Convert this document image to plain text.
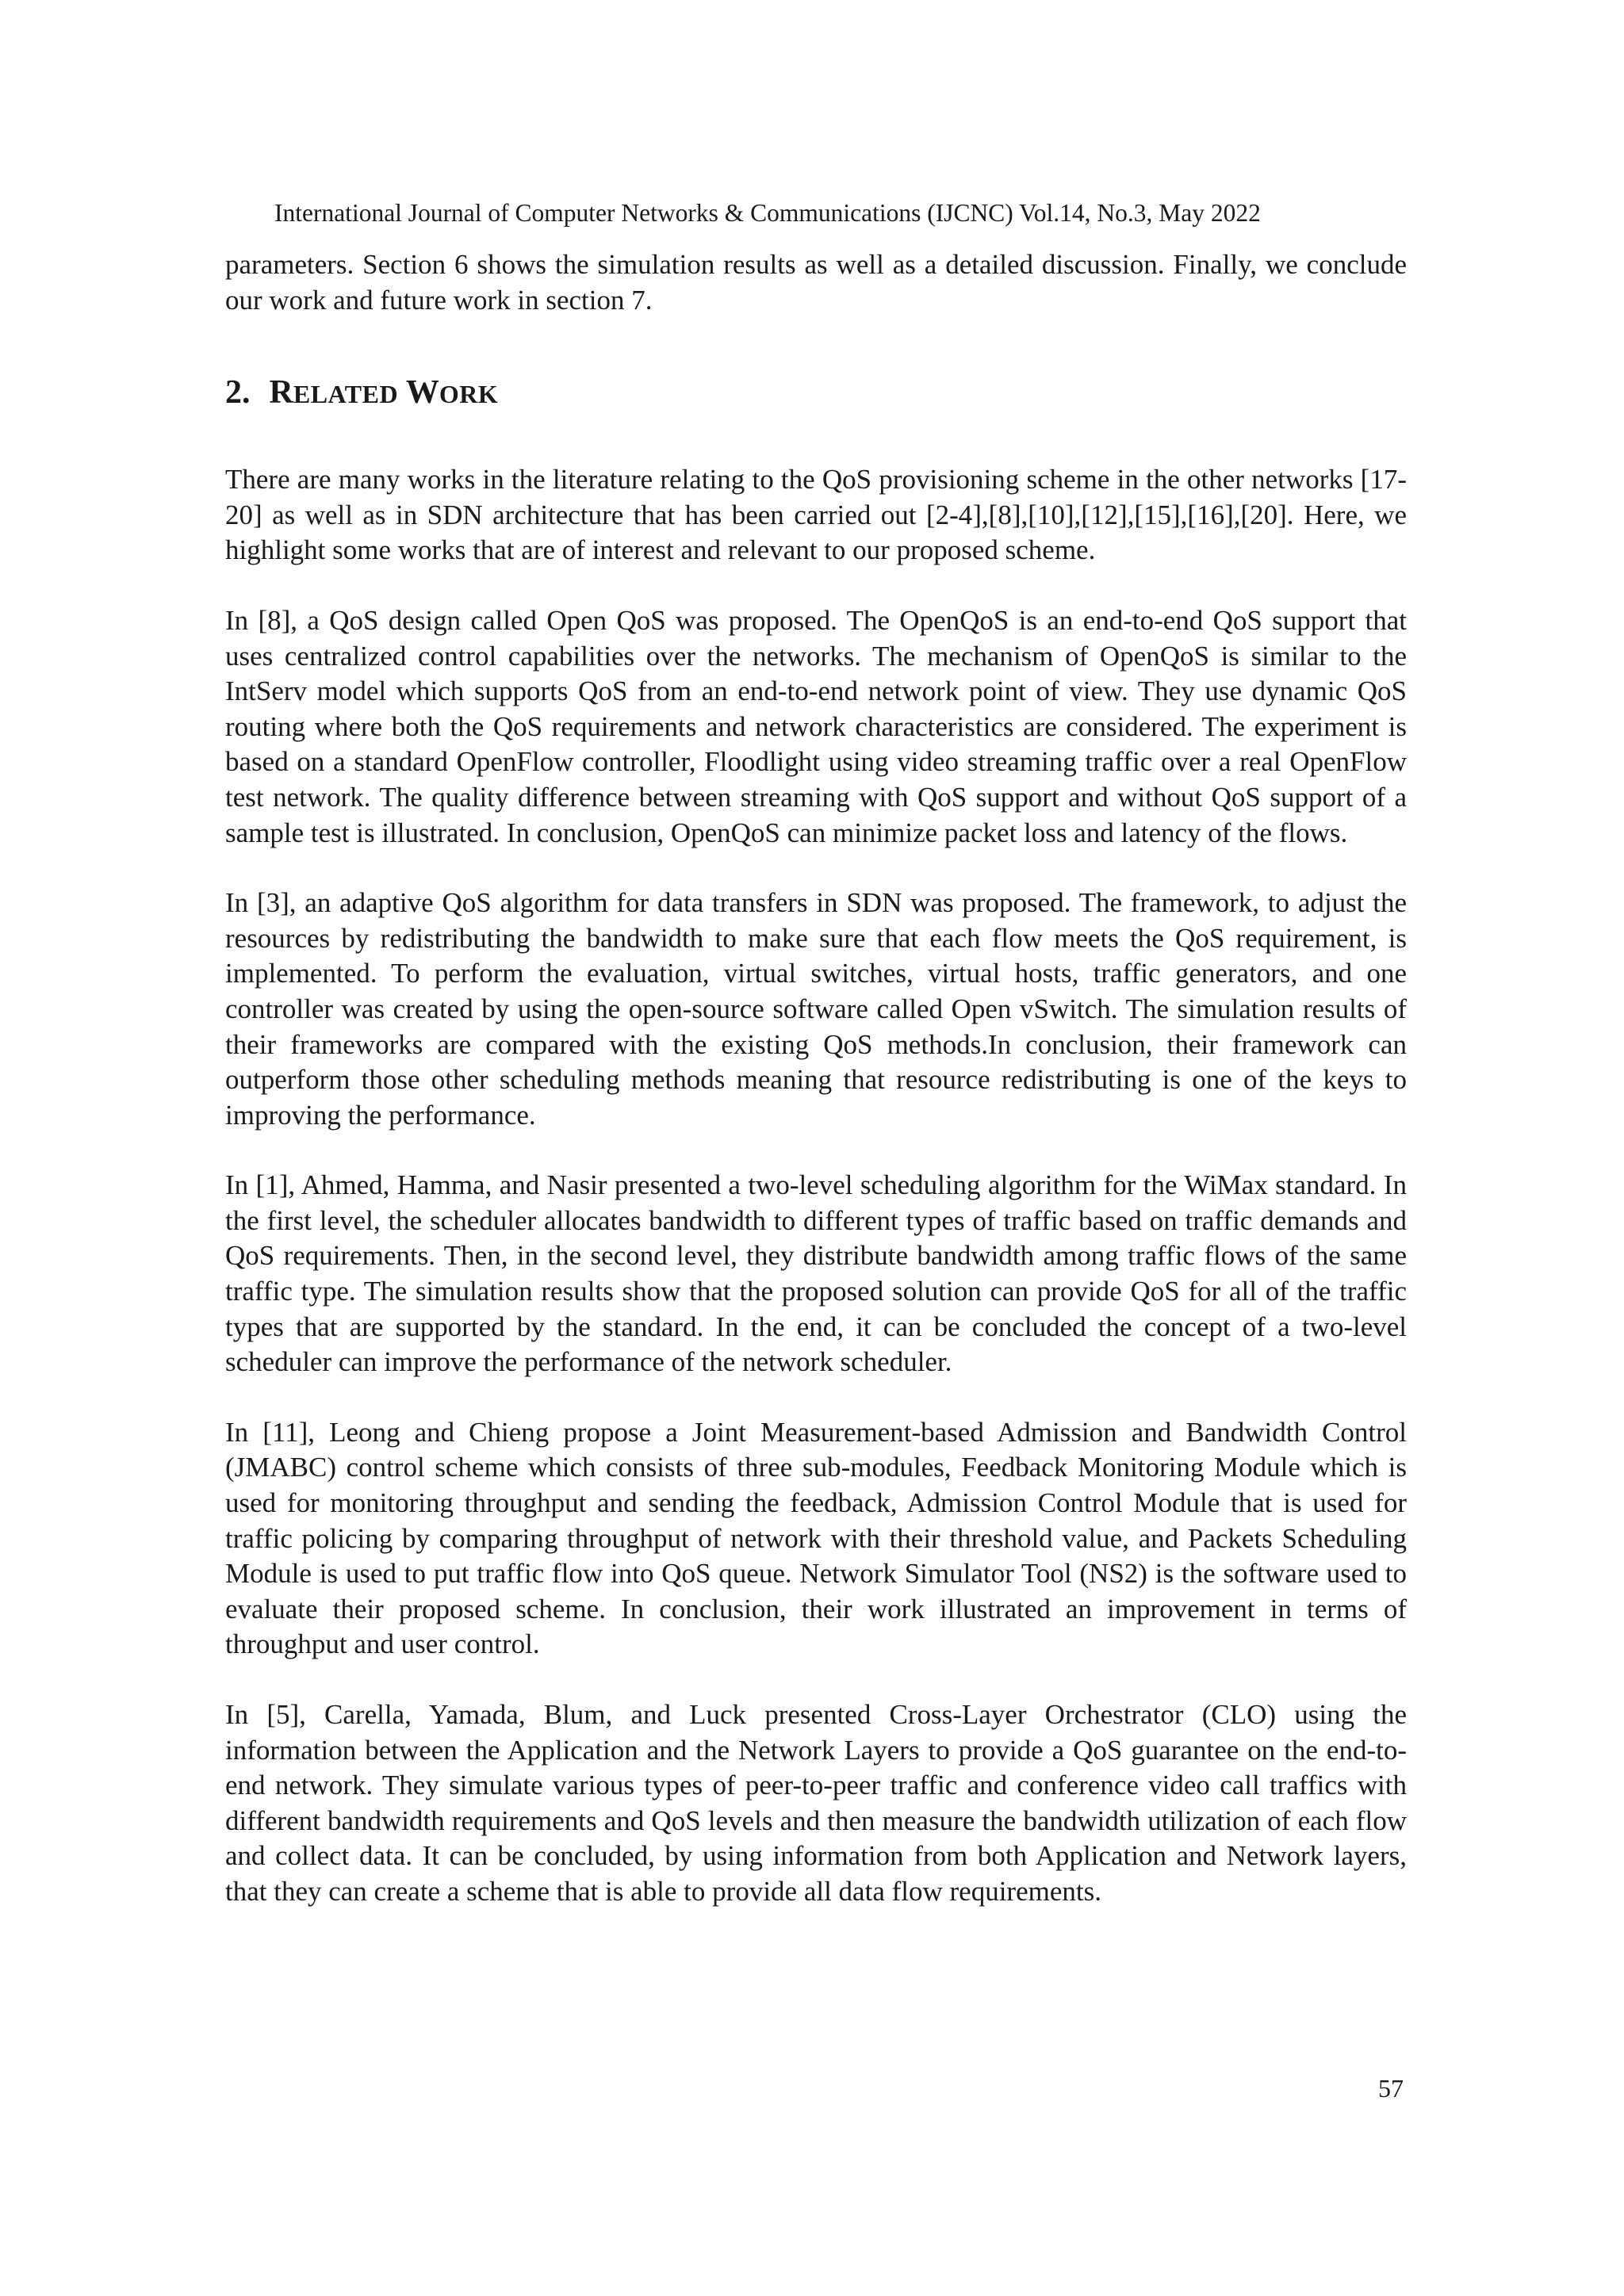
International Journal of Computer Networks & Communications (IJCNC) Vol.14, No.3, May 2022

parameters. Section 6 shows the simulation results as well as a detailed discussion. Finally, we conclude our work and future work in section 7.

2. RELATED WORK

There are many works in the literature relating to the QoS provisioning scheme in the other networks [17-20] as well as in SDN architecture that has been carried out [2-4],[8],[10],[12],[15],[16],[20]. Here, we highlight some works that are of interest and relevant to our proposed scheme.

In [8], a QoS design called Open QoS was proposed. The OpenQoS is an end-to-end QoS support that uses centralized control capabilities over the networks. The mechanism of OpenQoS is similar to the IntServ model which supports QoS from an end-to-end network point of view. They use dynamic QoS routing where both the QoS requirements and network characteristics are considered. The experiment is based on a standard OpenFlow controller, Floodlight using video streaming traffic over a real OpenFlow test network. The quality difference between streaming with QoS support and without QoS support of a sample test is illustrated. In conclusion, OpenQoS can minimize packet loss and latency of the flows.

In [3], an adaptive QoS algorithm for data transfers in SDN was proposed. The framework, to adjust the resources by redistributing the bandwidth to make sure that each flow meets the QoS requirement, is implemented. To perform the evaluation, virtual switches, virtual hosts, traffic generators, and one controller was created by using the open-source software called Open vSwitch. The simulation results of their frameworks are compared with the existing QoS methods.In conclusion, their framework can outperform those other scheduling methods meaning that resource redistributing is one of the keys to improving the performance.

In [1], Ahmed, Hamma, and Nasir presented a two-level scheduling algorithm for the WiMax standard. In the first level, the scheduler allocates bandwidth to different types of traffic based on traffic demands and QoS requirements. Then, in the second level, they distribute bandwidth among traffic flows of the same traffic type. The simulation results show that the proposed solution can provide QoS for all of the traffic types that are supported by the standard. In the end, it can be concluded the concept of a two-level scheduler can improve the performance of the network scheduler.

In [11], Leong and Chieng propose a Joint Measurement-based Admission and Bandwidth Control (JMABC) control scheme which consists of three sub-modules, Feedback Monitoring Module which is used for monitoring throughput and sending the feedback, Admission Control Module that is used for traffic policing by comparing throughput of network with their threshold value, and Packets Scheduling Module is used to put traffic flow into QoS queue. Network Simulator Tool (NS2) is the software used to evaluate their proposed scheme. In conclusion, their work illustrated an improvement in terms of throughput and user control.

In [5], Carella, Yamada, Blum, and Luck presented Cross-Layer Orchestrator (CLO) using the information between the Application and the Network Layers to provide a QoS guarantee on the end-to-end network. They simulate various types of peer-to-peer traffic and conference video call traffics with different bandwidth requirements and QoS levels and then measure the bandwidth utilization of each flow and collect data. It can be concluded, by using information from both Application and Network layers, that they can create a scheme that is able to provide all data flow requirements.

57
